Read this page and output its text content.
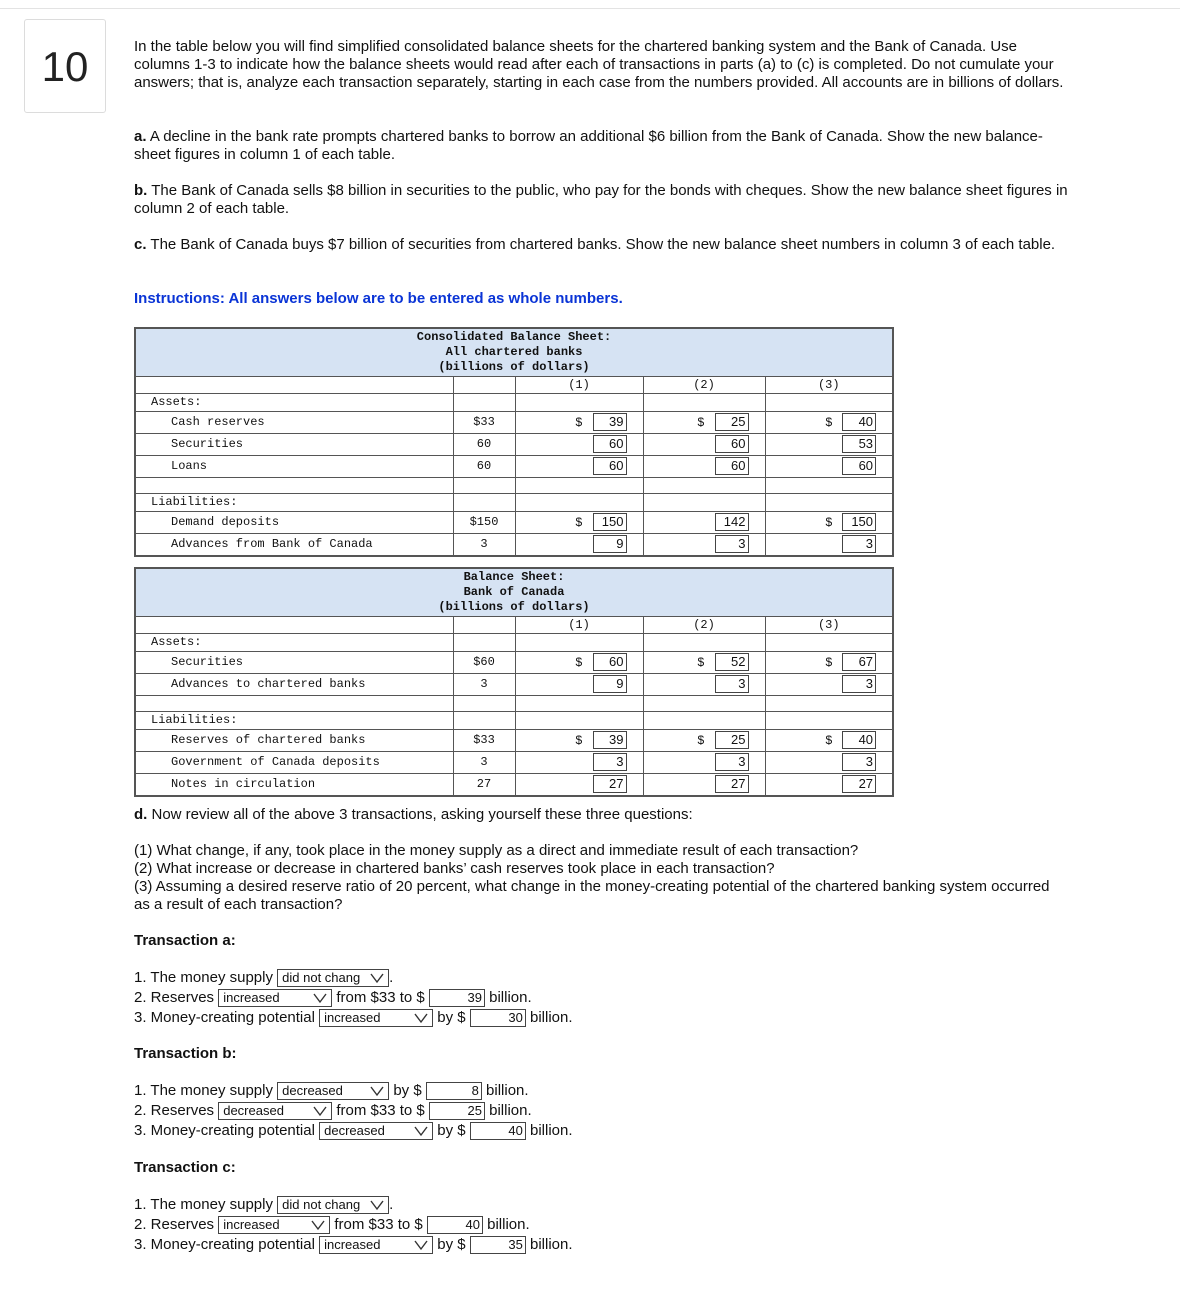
10	In the table below you will find simplified consolidated balance sheets for the chartered banking system and the Bank of Canada. Use columns 1-3 to indicate how the balance sheets would read after each of transactions in parts (a) to (c) is completed. Do not cumulate your answers; that is, analyze each transaction separately, starting in each case from the numbers provided. All accounts are in billions of dollars.
a. A decline in the bank rate prompts chartered banks to borrow an additional $6 billion from the Bank of Canada. Show the new balance-sheet figures in column 1 of each table.
b. The Bank of Canada sells $8 billion in securities to the public, who pay for the bonds with cheques. Show the new balance sheet figures in column 2 of each table.
c. The Bank of Canada buys $7 billion of securities from chartered banks. Show the new balance sheet numbers in column 3 of each table.
Instructions: All answers below are to be entered as whole numbers.
Consolidated Balance Sheet:
All chartered banks
(billions of dollars)				
		(1)	(2)	(3)
Assets:				
Cash reserves	$33	$ 39	$ 25	$ 40

Securities	60	60	60	53

Loans	60	60	60	60

Liabilities:				
Demand deposits	$150	$ 150	142	$ 150

Advances from Bank of Canada	3	9	3	3
Balance Sheet:
Bank of Canada
(billions of dollars)				
		(1)	(2)	(3)
Assets:				
Securities	$60	$ 60	$ 52	$ 67

Advances to chartered banks	3	9	3	3

Liabilities:				
Reserves of chartered banks	$33	$ 39	$ 25	$ 40

Government of Canada deposits	3	3	3	3

Notes in circulation	27	27	27	27
d. Now review all of the above 3 transactions, asking yourself these three questions:
(1) What change, if any, took place in the money supply as a direct and immediate result of each transaction?
(2) What increase or decrease in chartered banks’ cash reserves took place in each transaction?
(3) Assuming a desired reserve ratio of 20 percent, what change in the money-creating potential of the chartered banking system occurred as a result of each transaction?
Transaction a:
1. The money supply did not chang .
2. Reserves increased	from $33 to $	39 billion.
3. Money-creating potential increased	by $	30 billion.
Transaction b:
1. The money supply decreased	by $	8 billion.
2. Reserves decreased	from $33 to $	25 billion.
3. Money-creating potential decreased	by $	40 billion.
Transaction c:
1. The money supply did not chang .
2. Reserves increased	from $33 to $	40 billion.
3. Money-creating potential increased	by $	35 billion.
